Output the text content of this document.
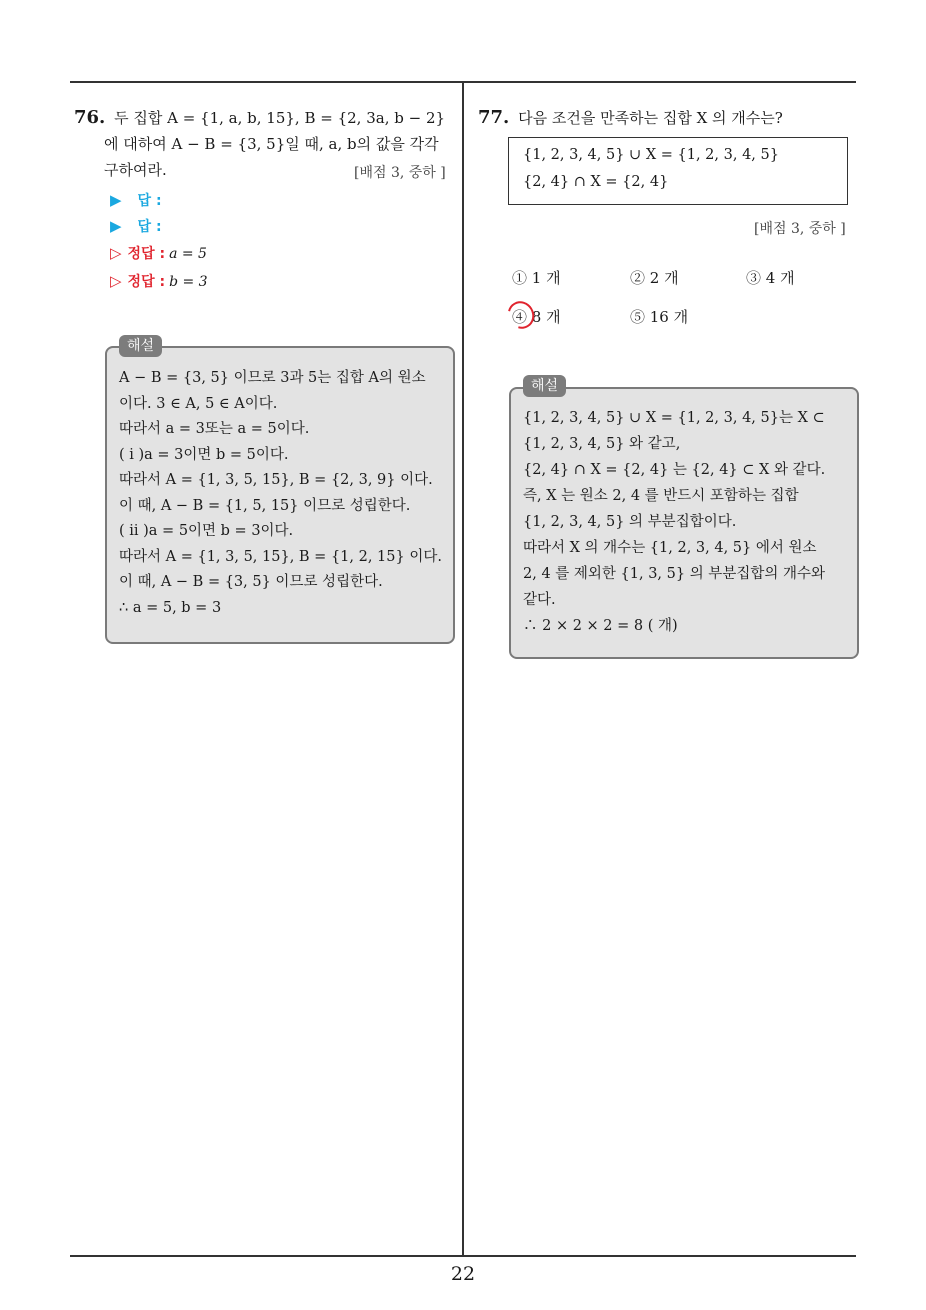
76. 두 집합 A = {1, a, b, 15}, B = {2, 3a, b − 2}
에 대하여 A − B = {3, 5}일 때, a, b의 값을 각각
구하여라.	[배점 3, 중하 ]
▶ 답 :
▶ 답 :
▷ 정답 : a = 5
▷ 정답 : b = 3
A − B = {3, 5} 이므로 3과 5는 집합 A의 원소
이다. 3 ∈ A, 5 ∈ A이다.
따라서 a = 3또는 a = 5이다.
( i )a = 3이면 b = 5이다.
따라서 A = {1, 3, 5, 15}, B = {2, 3, 9} 이다.
이 때, A − B = {1, 5, 15} 이므로 성립한다.
( ii )a = 5이면 b = 3이다.
따라서 A = {1, 3, 5, 15}, B = {1, 2, 15} 이다.
이 때, A − B = {3, 5} 이므로 성립한다.
∴ a = 5, b = 3
해설
77. 다음 조건을 만족하는 집합 X 의 개수는?
{1, 2, 3, 4, 5} ∪ X = {1, 2, 3, 4, 5}
{2, 4} ∩ X = {2, 4}
[배점 3, 중하 ]
① 1 개	② 2 개	③ 4 개
④ 8 개	⑤ 16 개
{1, 2, 3, 4, 5} ∪ X = {1, 2, 3, 4, 5}는 X ⊂
{1, 2, 3, 4, 5} 와 같고,
{2, 4} ∩ X = {2, 4} 는 {2, 4} ⊂ X 와 같다.
즉, X 는 원소 2, 4 를 반드시 포함하는 집합
{1, 2, 3, 4, 5} 의 부분집합이다.
따라서 X 의 개수는 {1, 2, 3, 4, 5} 에서 원소
2, 4 를 제외한 {1, 3, 5} 의 부분집합의 개수와
같다.
∴ 2 × 2 × 2 = 8 ( 개)
해설
22
